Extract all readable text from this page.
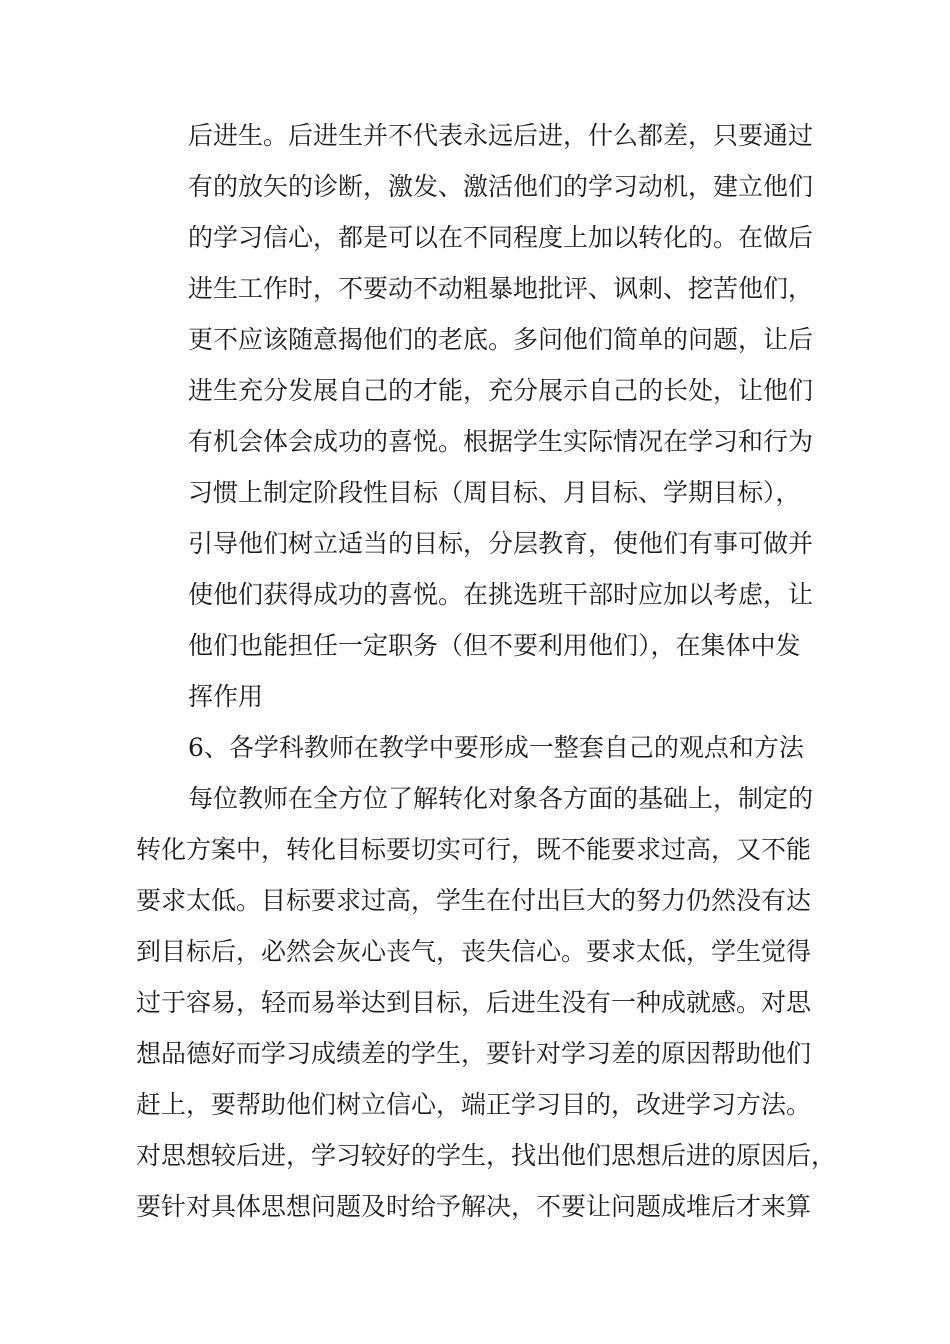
后进生。后进生并不代表永远后进，什么都差，只要通过
有的放矢的诊断，激发、激活他们的学习动机，建立他们
的学习信心，都是可以在不同程度上加以转化的。在做后
进生工作时，不要动不动粗暴地批评、讽刺、挖苦他们，
更不应该随意揭他们的老底。多问他们简单的问题，让后
进生充分发展自己的才能，充分展示自己的长处，让他们
有机会体会成功的喜悦。根据学生实际情况在学习和行为
习惯上制定阶段性目标（周目标、月目标、学期目标），
引导他们树立适当的目标，分层教育，使他们有事可做并
使他们获得成功的喜悦。在挑选班干部时应加以考虑，让
他们也能担任一定职务（但不要利用他们），在集体中发
挥作用
6、各学科教师在教学中要形成一整套自己的观点和方法
每位教师在全方位了解转化对象各方面的基础上，制定的
转化方案中，转化目标要切实可行，既不能要求过高，又不能
要求太低。目标要求过高，学生在付出巨大的努力仍然没有达
到目标后，必然会灰心丧气，丧失信心。要求太低，学生觉得
过于容易，轻而易举达到目标，后进生没有一种成就感。对思
想品德好而学习成绩差的学生，要针对学习差的原因帮助他们
赶上，要帮助他们树立信心，端正学习目的，改进学习方法。
对思想较后进，学习较好的学生，找出他们思想后进的原因后，
要针对具体思想问题及时给予解决，不要让问题成堆后才来算
